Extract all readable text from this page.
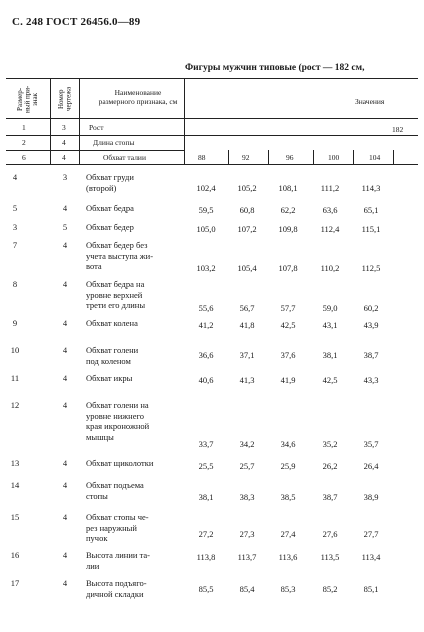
С. 248 ГОСТ 26456.0—89
Фигуры мужчин типовые (рост — 182 см,
Размер-ный при-знак	Номер чертежа	Наименование размерного признака, см	Значения
1	3	Рост	182
2	4	Длина стопы
6	4	Обхват талии	88	92	96	100	104
4	3	Обхват груди
(второй)	102,4	105,2	108,1	111,2	114,3
5	4	Обхват бедра	59,5	60,8	62,2	63,6	65,1
3	5	Обхват бедер	105,0	107,2	109,8	112,4	115,1
7	4	Обхват бедер без
учета выступа жи-
вота	103,2	105,4	107,8	110,2	112,5
8	4	Обхват бедра на
уровне верхней
трети его длины	55,6	56,7	57,7	59,0	60,2
9	4	Обхват колена	41,2	41,8	42,5	43,1	43,9
10	4	Обхват голени
под коленом
36,6	37,1	37,6	38,1	38,7
11	4	Обхват икры	40,6	41,3	41,9	42,5	43,3
12	4	Обхват голени на
уровне нижнего
края икроножной
мышцы
33,7	34,2	34,6	35,2	35,7
13	4	Обхват щиколотки	25,5	25,7	25,9	26,2	26,4
14	4	Обхват подъема
стопы	38,1	38,3	38,5	38,7	38,9
15	4	Обхват стопы че-
рез наружный
пучок	27,2	27,3	27,4	27,6	27,7
16	4	Высота линии та-
лии
113,8	113,7	113,6	113,5	113,4
17	4	Высота подъяго-
дичной складки	85,5	85,4	85,3	85,2	85,1
